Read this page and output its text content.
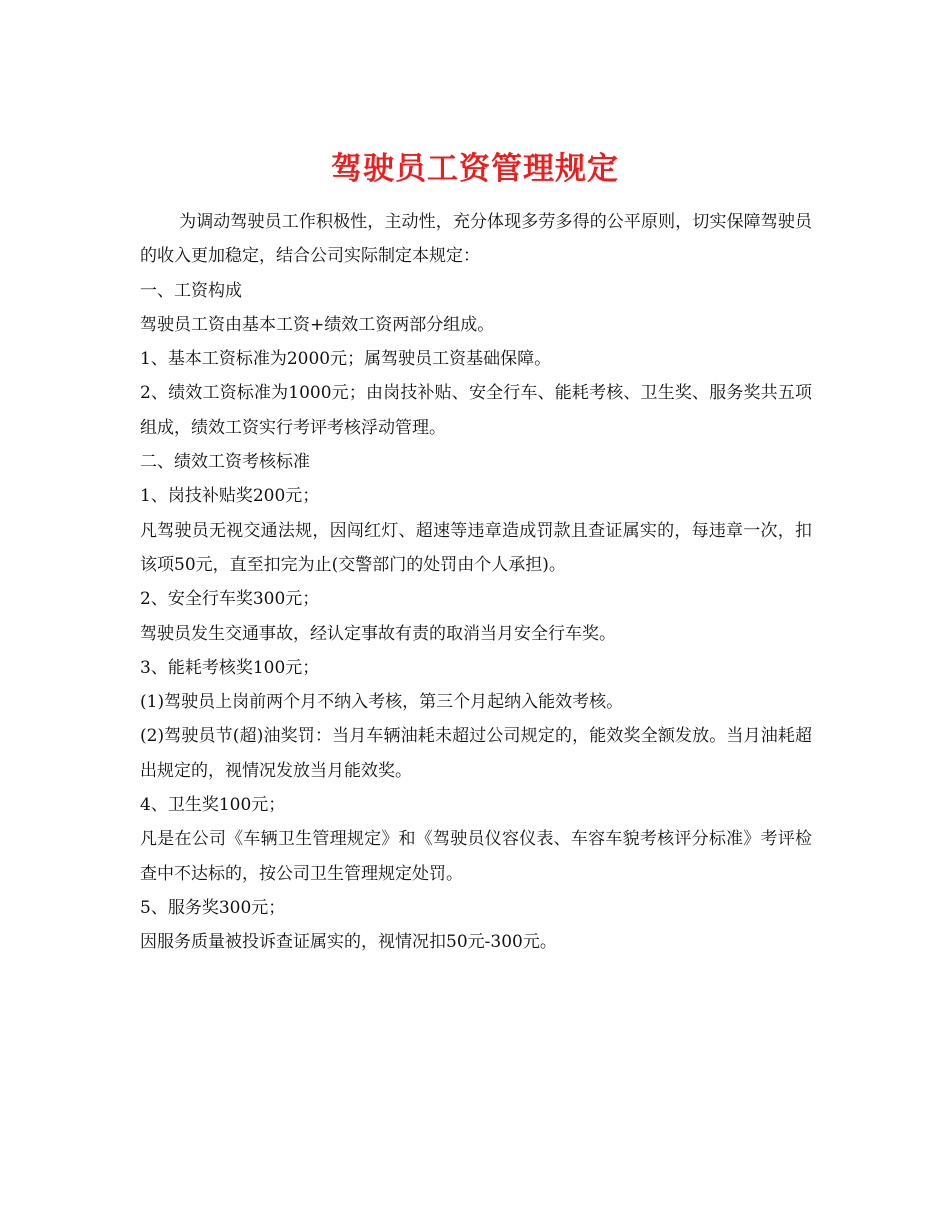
驾驶员工资管理规定

为调动驾驶员工作积极性，主动性，充分体现多劳多得的公平原则，切实保障驾驶员的收入更加稳定，结合公司实际制定本规定：

一、工资构成

驾驶员工资由基本工资+绩效工资两部分组成。

1、基本工资标准为2000元；属驾驶员工资基础保障。

2、绩效工资标准为1000元；由岗技补贴、安全行车、能耗考核、卫生奖、服务奖共五项组成，绩效工资实行考评考核浮动管理。

二、绩效工资考核标准

1、岗技补贴奖200元；

凡驾驶员无视交通法规，因闯红灯、超速等违章造成罚款且查证属实的，每违章一次，扣该项50元，直至扣完为止(交警部门的处罚由个人承担)。

2、安全行车奖300元；

驾驶员发生交通事故，经认定事故有责的取消当月安全行车奖。

3、能耗考核奖100元；

(1)驾驶员上岗前两个月不纳入考核，第三个月起纳入能效考核。

(2)驾驶员节(超)油奖罚：当月车辆油耗未超过公司规定的，能效奖全额发放。当月油耗超出规定的，视情况发放当月能效奖。

4、卫生奖100元；

凡是在公司《车辆卫生管理规定》和《驾驶员仪容仪表、车容车貌考核评分标准》考评检查中不达标的，按公司卫生管理规定处罚。

5、服务奖300元；

因服务质量被投诉查证属实的，视情况扣50元-300元。
